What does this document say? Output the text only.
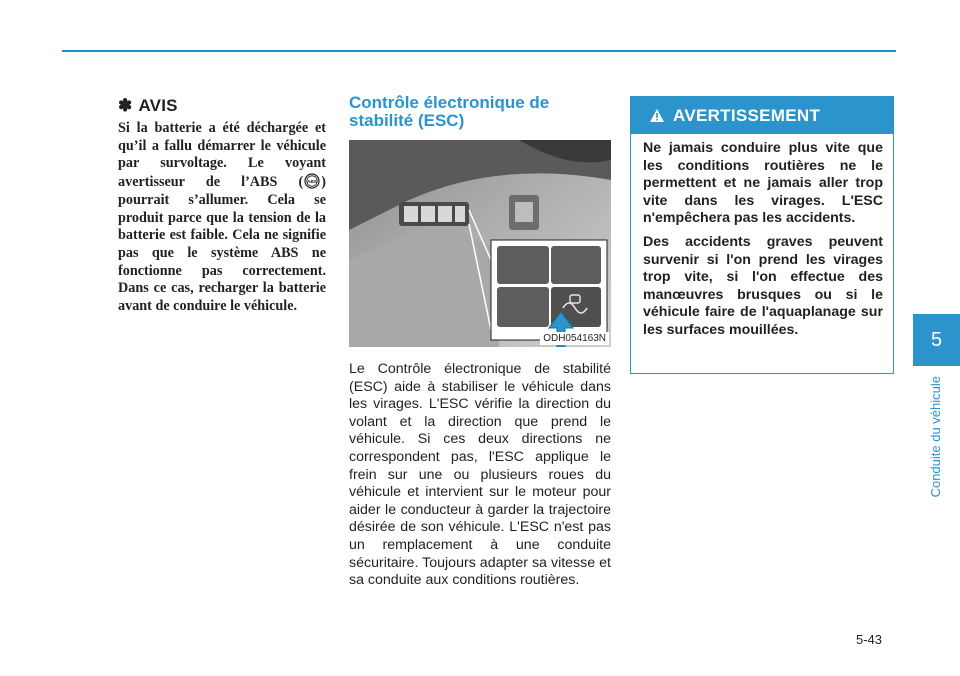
✽ AVIS

Si la batterie a été déchargée et qu’il a fallu démarrer le véhicule par survoltage. Le voyant avertisseur de l’ABS ( ABS ) pourrait s’allumer. Cela se produit parce que la tension de la batterie est faible. Cela ne signifie pas que le système ABS ne fonctionne pas correctement. Dans ce cas, recharger la batterie avant de conduire le véhicule.

Contrôle électronique de stabilité (ESC)
ODH054163N

Le Contrôle électronique de stabilité (ESC) aide à stabiliser le véhicule dans les virages. L'ESC vérifie la direction du volant et la direction que prend le véhicule. Si ces deux directions ne correspondent pas, l'ESC applique le frein sur une ou plusieurs roues du véhicule et intervient sur le moteur pour aider le conducteur à garder la trajectoire désirée de son véhicule. L'ESC n'est pas un remplacement à une conduite sécuritaire. Toujours adapter sa vitesse et sa conduite aux conditions routières.

AVERTISSEMENT

Ne jamais conduire plus vite que les conditions routières ne le permettent et ne jamais aller trop vite dans les virages. L'ESC n'empêchera pas les accidents.

Des accidents graves peuvent survenir si l'on prend les virages trop vite, si l'on effectue des manœuvres brusques ou si le véhicule faire de l'aquaplanage sur les surfaces mouillées.	5
Conduite du véhicule
5-43
